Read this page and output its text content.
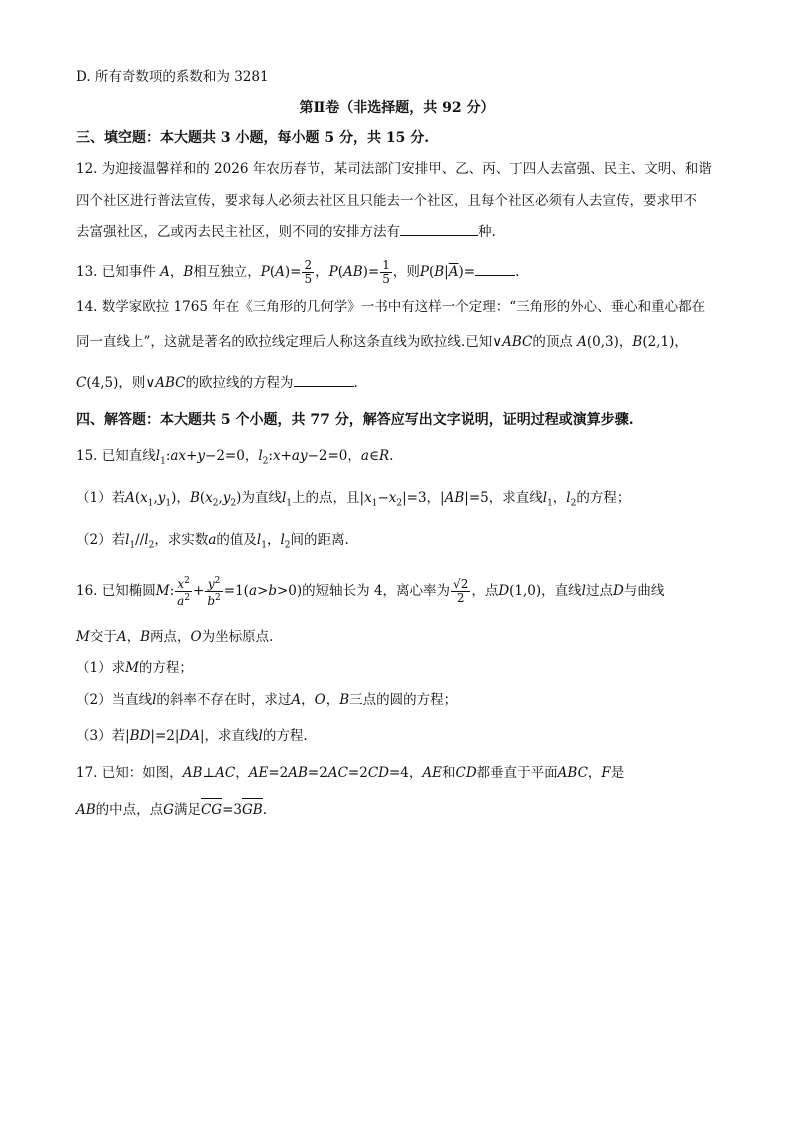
D. 所有奇数项的系数和为 3281
第Ⅱ卷（非选择题，共 92 分）
三、填空题：本大题共 3 小题，每小题 5 分，共 15 分.
12. 为迎接温馨祥和的 2026 年农历春节，某司法部门安排甲、乙、丙、丁四人去富强、民主、文明、和谐
四个社区进行普法宣传，要求每人必须去社区且只能去一个社区，且每个社区必须有人去宣传，要求甲不
去富强社区，乙或丙去民主社区，则不同的安排方法有	种.
13. 已知事件 A，B相互独立，$P(A)= \frac{2}{5}$ ，$P(AB)= \frac{1}{5}$ ，则$P(B|\overline{A})=$	.
14. 数学家欧拉 1765 年在《三角形的几何学》一书中有这样一个定理：“三角形的外心、垂心和重心都在
同一直线上”，这就是著名的欧拉线定理后人称这条直线为欧拉线.已知∨ABC的顶点 A(0,3)，B(2,1)，
C(4,5)，则∨ABC的欧拉线的方程为	.
四、解答题：本大题共 5 个小题，共 77 分，解答应写出文字说明，证明过程或演算步骤.
15. 已知直线$l_1:ax+y-2=0$，$l_2:x+ay-2=0$，a∈R.
（1）若$A(x_1,y_1)$，$B(x_2,y_2)$为直线$l_1$上的点，且$|x_1-x_2|=3$，|AB|=5，求直线$l_1$，$l_2$的方程；
（2）若$l_1//l_2$，求实数a的值及$l_1$，$l_2$间的距离.
16. 已知椭圆M: $\frac{x^2}{a^2} + \frac{y^2}{b^2} =1(a>b>0)$的短轴长为 4，离心率为 $\frac{√2}{2}$ ，点D(1,0)，直线l过点D与曲线
M交于A，B两点，O为坐标原点.
（1）求M的方程；
（2）当直线l的斜率不存在时，求过A，O，B三点的圆的方程；
（3）若|BD|=2|DA|，求直线l的方程.
17. 已知：如图，AB⊥AC，AE=2AB=2AC=2CD=4，AE和CD都垂直于平面ABC，F是
AB的中点，点G满足CG=3GB.
